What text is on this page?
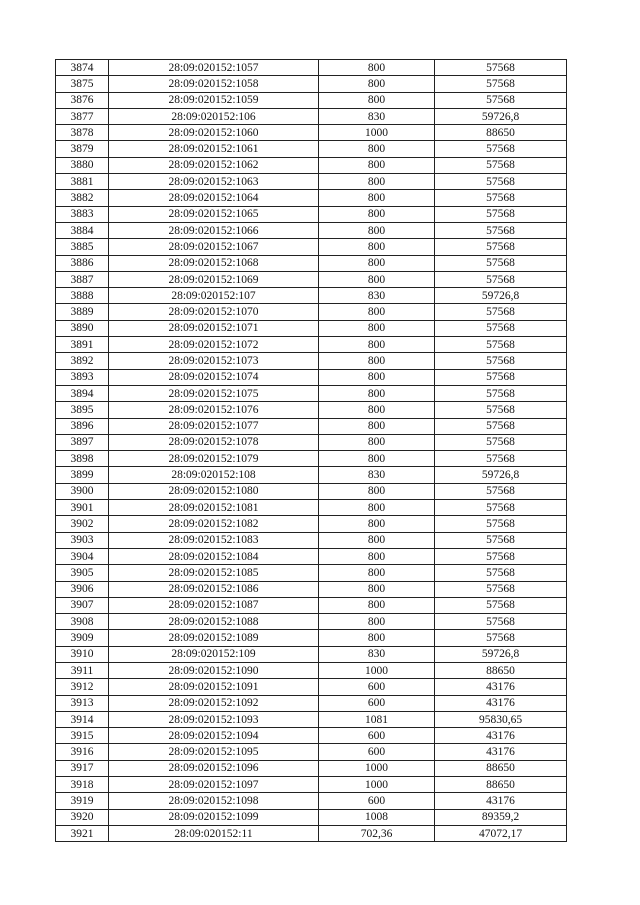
3874	28:09:020152:1057	800	57568
3875	28:09:020152:1058	800	57568
3876	28:09:020152:1059	800	57568
3877	28:09:020152:106	830	59726,8
3878	28:09:020152:1060	1000	88650
3879	28:09:020152:1061	800	57568
3880	28:09:020152:1062	800	57568
3881	28:09:020152:1063	800	57568
3882	28:09:020152:1064	800	57568
3883	28:09:020152:1065	800	57568
3884	28:09:020152:1066	800	57568
3885	28:09:020152:1067	800	57568
3886	28:09:020152:1068	800	57568
3887	28:09:020152:1069	800	57568
3888	28:09:020152:107	830	59726,8
3889	28:09:020152:1070	800	57568
3890	28:09:020152:1071	800	57568
3891	28:09:020152:1072	800	57568
3892	28:09:020152:1073	800	57568
3893	28:09:020152:1074	800	57568
3894	28:09:020152:1075	800	57568
3895	28:09:020152:1076	800	57568
3896	28:09:020152:1077	800	57568
3897	28:09:020152:1078	800	57568
3898	28:09:020152:1079	800	57568
3899	28:09:020152:108	830	59726,8
3900	28:09:020152:1080	800	57568
3901	28:09:020152:1081	800	57568
3902	28:09:020152:1082	800	57568
3903	28:09:020152:1083	800	57568
3904	28:09:020152:1084	800	57568
3905	28:09:020152:1085	800	57568
3906	28:09:020152:1086	800	57568
3907	28:09:020152:1087	800	57568
3908	28:09:020152:1088	800	57568
3909	28:09:020152:1089	800	57568
3910	28:09:020152:109	830	59726,8
3911	28:09:020152:1090	1000	88650
3912	28:09:020152:1091	600	43176
3913	28:09:020152:1092	600	43176
3914	28:09:020152:1093	1081	95830,65
3915	28:09:020152:1094	600	43176
3916	28:09:020152:1095	600	43176
3917	28:09:020152:1096	1000	88650
3918	28:09:020152:1097	1000	88650
3919	28:09:020152:1098	600	43176
3920	28:09:020152:1099	1008	89359,2
3921	28:09:020152:11	702,36	47072,17
